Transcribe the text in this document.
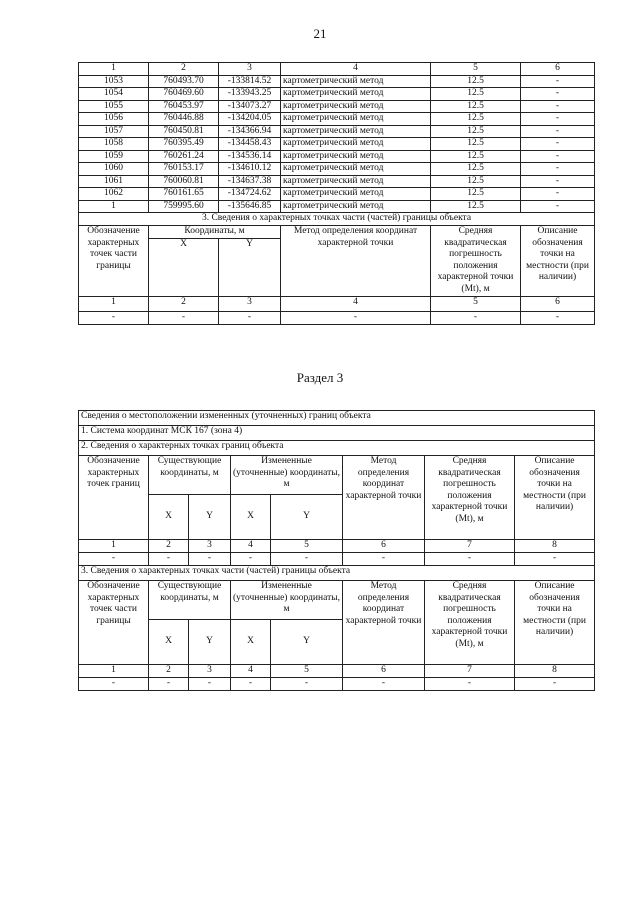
21
1	2	3	4	5	6
1053	760493.70	-133814.52	картометрический метод	12.5	-
1054	760469.60	-133943.25	картометрический метод	12.5	-
1055	760453.97	-134073.27	картометрический метод	12.5	-
1056	760446.88	-134204.05	картометрический метод	12.5	-
1057	760450.81	-134366.94	картометрический метод	12.5	-
1058	760395.49	-134458.43	картометрический метод	12.5	-
1059	760261.24	-134536.14	картометрический метод	12.5	-
1060	760153.17	-134610.12	картометрический метод	12.5	-
1061	760060.81	-134637.38	картометрический метод	12.5	-
1062	760161.65	-134724.62	картометрический метод	12.5	-
1	759995.60	-135646.85	картометрический метод	12.5	-
3. Сведения о характерных точках части (частей) границы объекта					
Обозначение характерных точек части границы	Координаты, м		Метод определения координат характерной точки	Средняя квадратическая погрешность положения характерной точки (Mt), м	Описание обозначения точки на местности (при наличии)
	X	Y			
1	2	3	4	5	6
-	-	-	-	-	-
Раздел 3
Сведения о местоположении измененных (уточненных) границ объекта							
1. Система координат МСК 167 (зона 4)							
2. Сведения о характерных точках границ объекта							
Обозначение характерных точек границ	Существующие координаты, м		Измененные (уточненные) координаты, м		Метод определения координат характерной точки	Средняя квадратическая погрешность положения характерной точки (Mt), м	Описание обозначения точки на местности (при наличии)
	X	Y	X	Y			
1	2	3	4	5	6	7	8
-	-	-	-	-	-	-	-
3. Сведения о характерных точках части (частей) границы объекта							
Обозначение характерных точек части границы	Существующие координаты, м		Измененные (уточненные) координаты, м		Метод определения координат характерной точки	Средняя квадратическая погрешность положения характерной точки (Mt), м	Описание обозначения точки на местности (при наличии)
	X	Y	X	Y			
1	2	3	4	5	6	7	8
-	-	-	-	-	-	-	-
